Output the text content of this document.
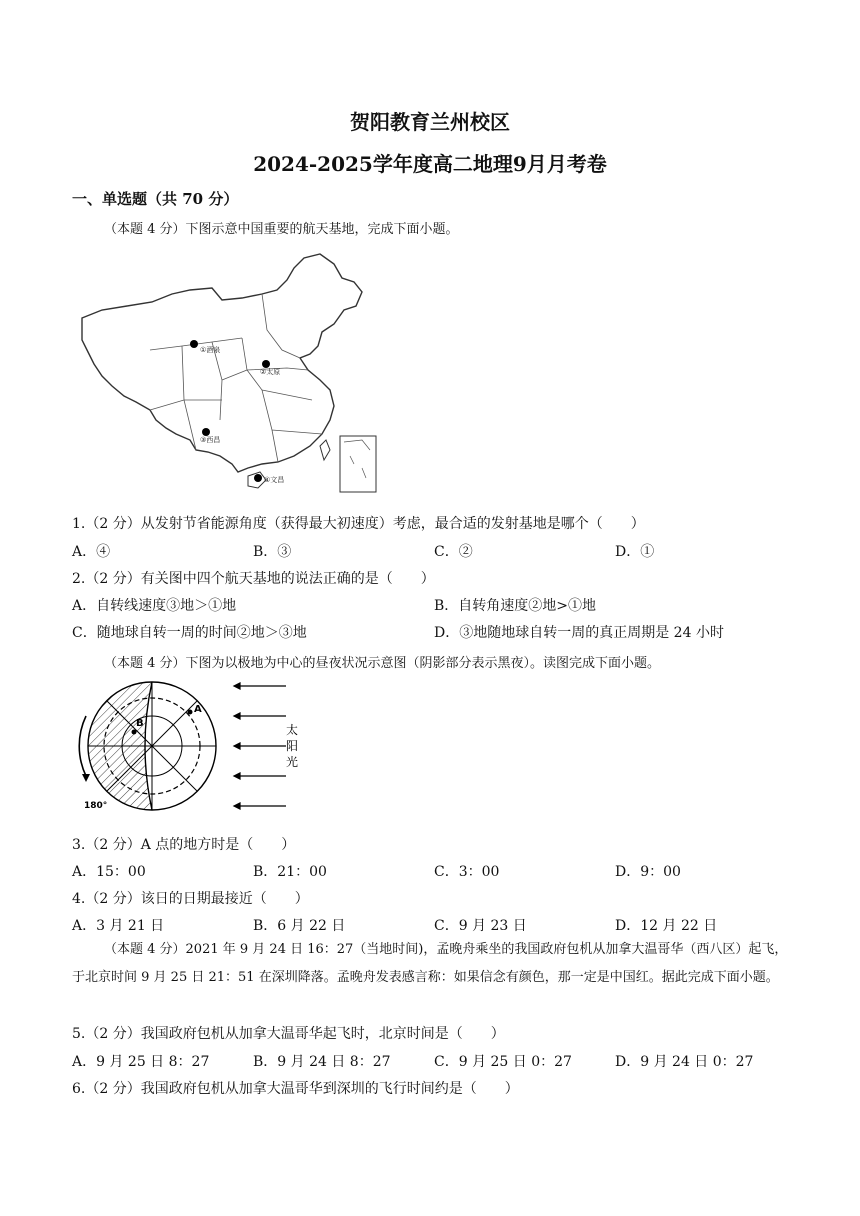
贺阳教育兰州校区
2024-2025学年度高二地理9月月考卷
一、单选题（共 70 分）
（本题 4 分）下图示意中国重要的航天基地，完成下面小题。
①酒泉
②太原
③西昌
④文昌
1.（2 分）从发射节省能源角度（获得最大初速度）考虑，最合适的发射基地是哪个（　　）
A．④	B．③	C．②	D．①
2.（2 分）有关图中四个航天基地的说法正确的是（　　）
A．自转线速度③地＞①地	B．自转角速度②地>①地
C．随地球自转一周的时间②地＞③地	D．③地随地球自转一周的真正周期是 24 小时
（本题 4 分）下图为以极地为中心的昼夜状况示意图（阴影部分表示黑夜）。读图完成下面小题。
A
B
180°
太
阳
光
3.（2 分）A 点的地方时是（　　）
A．15：00	B．21：00	C．3：00	D．9：00
4.（2 分）该日的日期最接近（　　）
A．3 月 21 日	B．6 月 22 日	C．9 月 23 日	D．12 月 22 日
（本题 4 分）2021 年 9 月 24 日 16：27（当地时间)，孟晚舟乘坐的我国政府包机从加拿大温哥华（西八区）起飞，于北京时间 9 月 25 日 21：51 在深圳降落。孟晚舟发表感言称：如果信念有颜色，那一定是中国红。据此完成下面小题。
5.（2 分）我国政府包机从加拿大温哥华起飞时，北京时间是（　　）
A．9 月 25 日 8：27	B．9 月 24 日 8：27	C．9 月 25 日 0：27	D．9 月 24 日 0：27
6.（2 分）我国政府包机从加拿大温哥华到深圳的飞行时间约是（　　）
